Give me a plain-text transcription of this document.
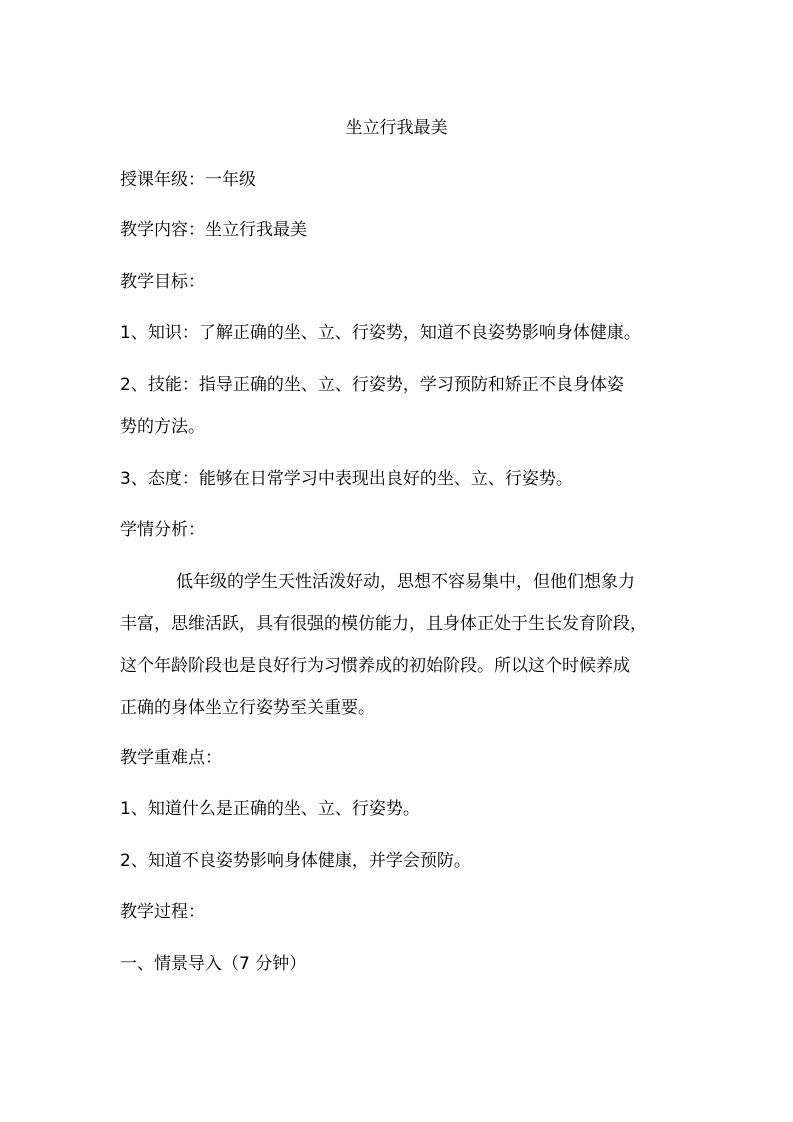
坐立行我最美

授课年级：一年级

教学内容：坐立行我最美

教学目标：

1、知识：了解正确的坐、立、行姿势，知道不良姿势影响身体健康。

2、技能：指导正确的坐、立、行姿势，学习预防和矫正不良身体姿

势的方法。

3、态度：能够在日常学习中表现出良好的坐、立、行姿势。

学情分析：

低年级的学生天性活泼好动，思想不容易集中，但他们想象力
丰富，思维活跃，具有很强的模仿能力，且身体正处于生长发育阶段，
这个年龄阶段也是良好行为习惯养成的初始阶段。所以这个时候养成
正确的身体坐立行姿势至关重要。

教学重难点：

1、知道什么是正确的坐、立、行姿势。

2、知道不良姿势影响身体健康，并学会预防。

教学过程：

一、情景导入（7 分钟）
